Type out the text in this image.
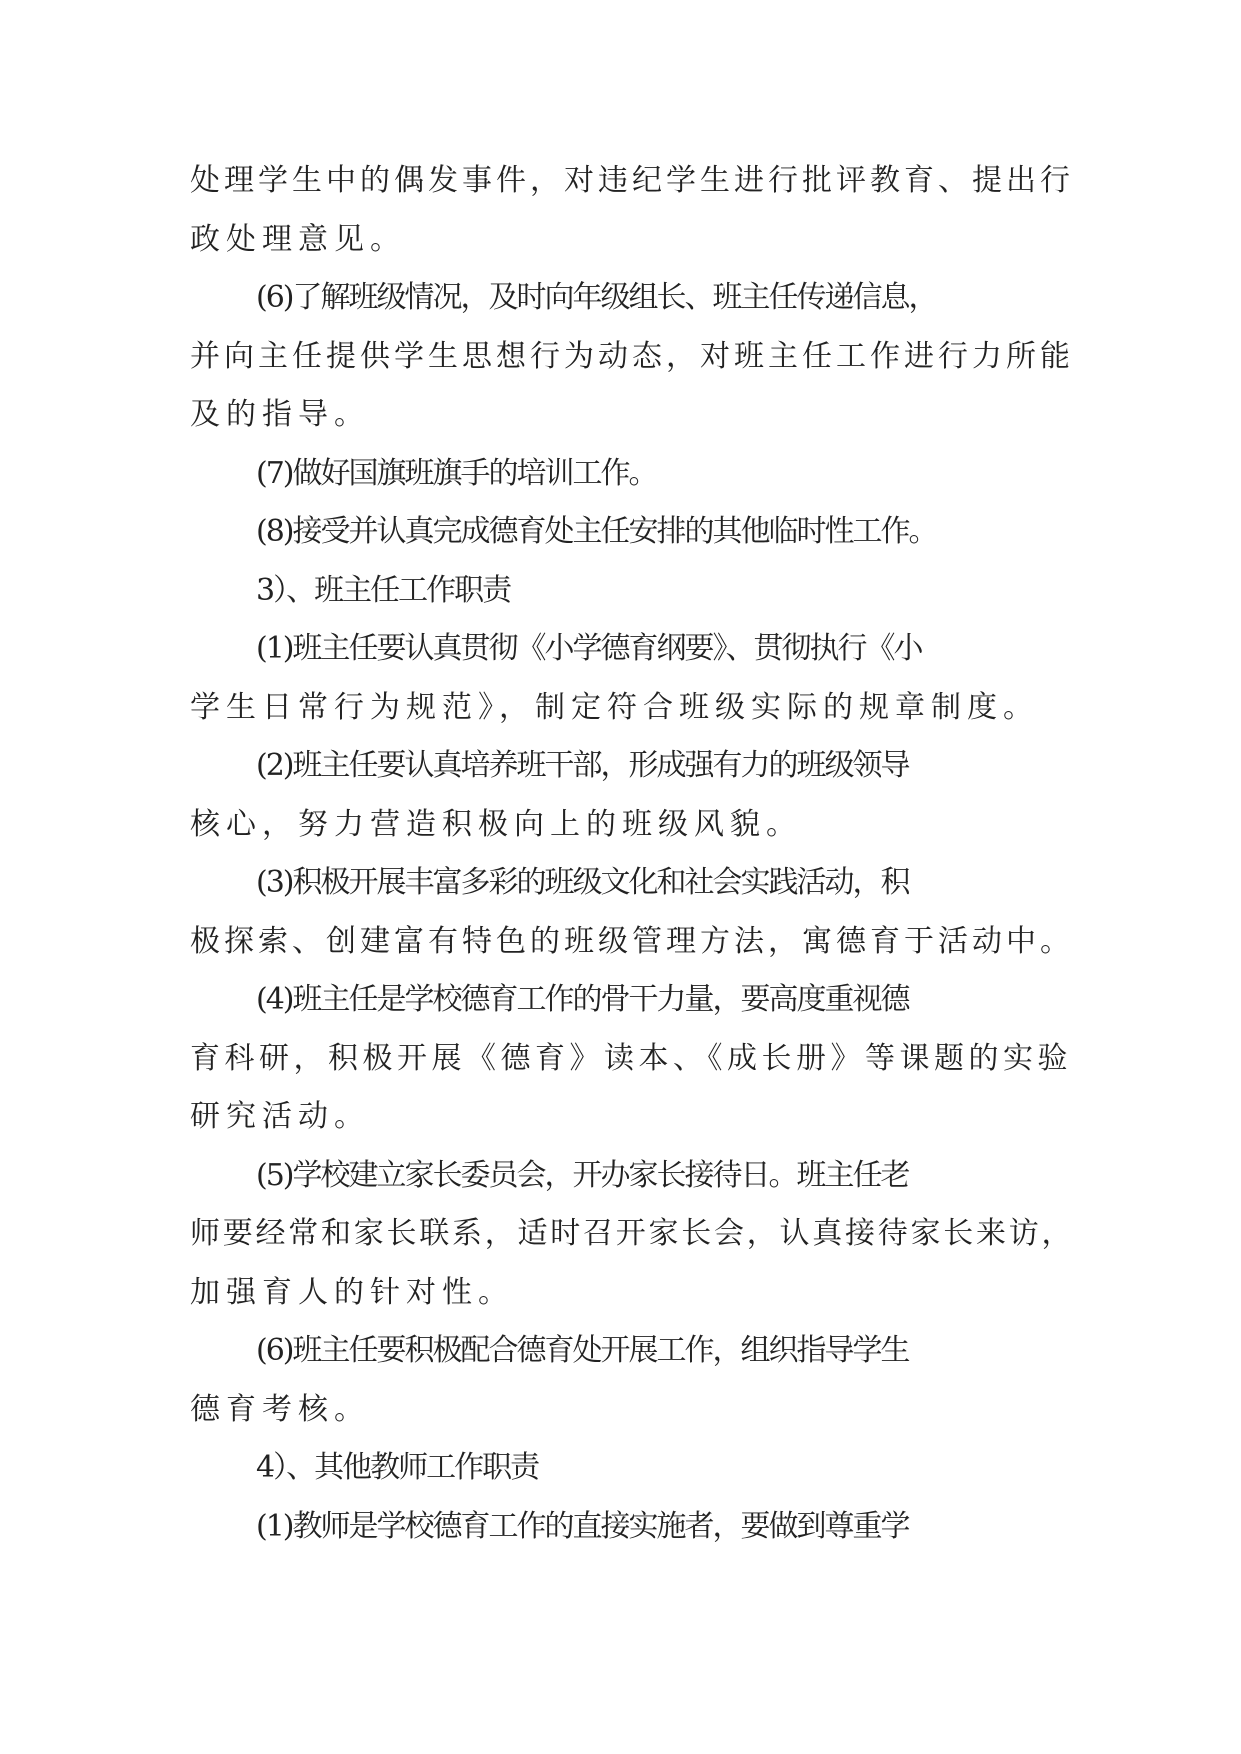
处理学生中的偶发事件，对违纪学生进行批评教育、提出行
政处理意见。
(6)了解班级情况，及时向年级组长、班主任传递信息，
并向主任提供学生思想行为动态，对班主任工作进行力所能
及的指导。
(7)做好国旗班旗手的培训工作。
(8)接受并认真完成德育处主任安排的其他临时性工作。
3）、班主任工作职责
(1)班主任要认真贯彻《小学德育纲要》、贯彻执行《小
学生日常行为规范》，制定符合班级实际的规章制度。
(2)班主任要认真培养班干部，形成强有力的班级领导
核心，努力营造积极向上的班级风貌。
(3)积极开展丰富多彩的班级文化和社会实践活动，积
极探索、创建富有特色的班级管理方法，寓德育于活动中。
(4)班主任是学校德育工作的骨干力量，要高度重视德
育科研，积极开展《德育》读本、《成长册》等课题的实验
研究活动。
(5)学校建立家长委员会，开办家长接待日。班主任老
师要经常和家长联系，适时召开家长会，认真接待家长来访，
加强育人的针对性。
(6)班主任要积极配合德育处开展工作，组织指导学生
德育考核。
4）、其他教师工作职责
(1)教师是学校德育工作的直接实施者，要做到尊重学
